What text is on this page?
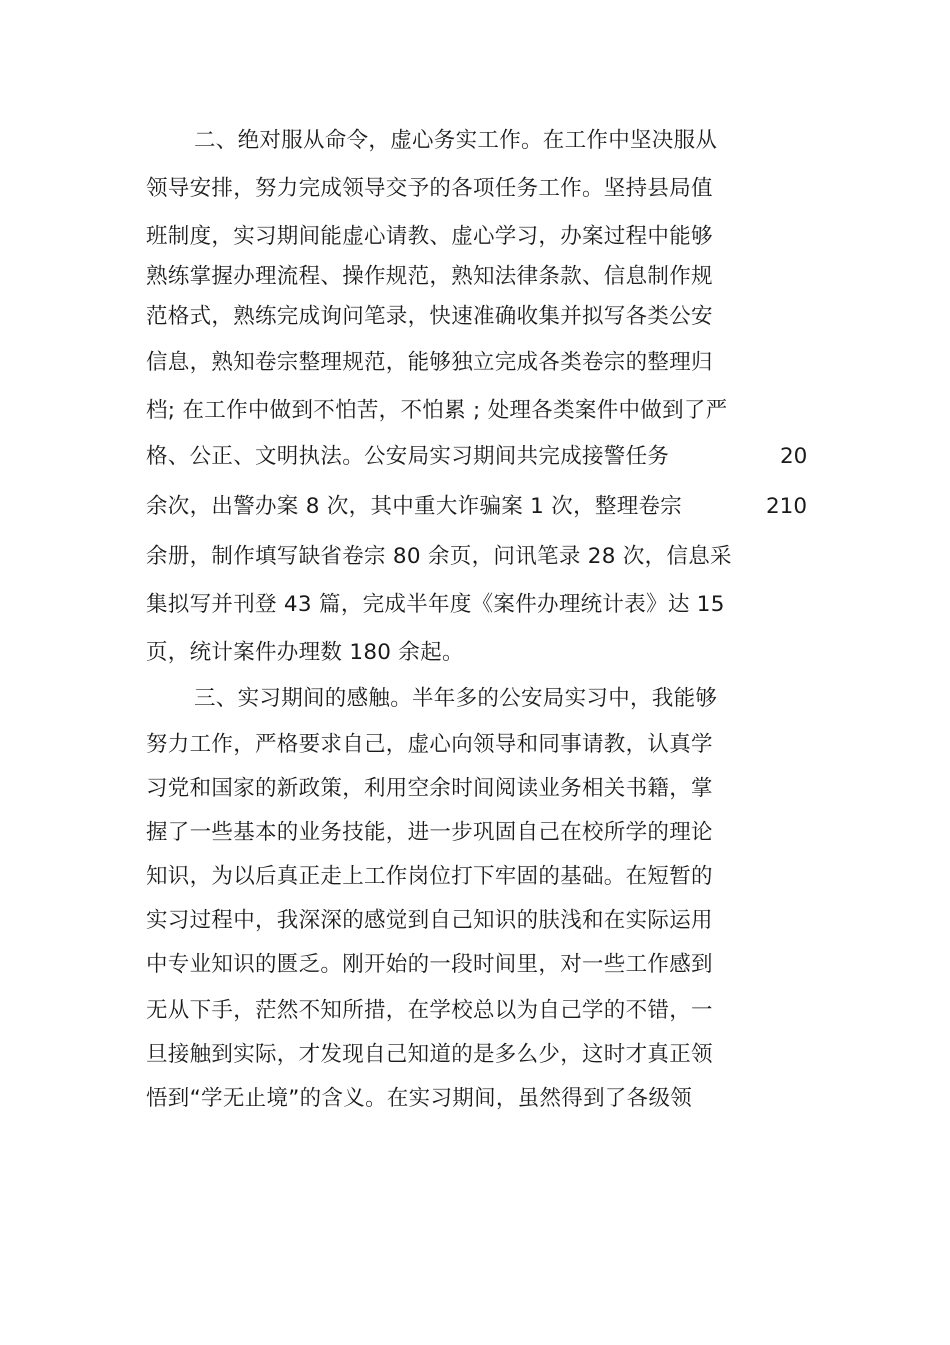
二、绝对服从命令，虚心务实工作。在工作中坚决服从
领导安排，努力完成领导交予的各项任务工作。坚持县局值
班制度，实习期间能虚心请教、虚心学习，办案过程中能够
熟练掌握办理流程、操作规范，熟知法律条款、信息制作规
范格式，熟练完成询问笔录，快速准确收集并拟写各类公安
信息，熟知卷宗整理规范，能够独立完成各类卷宗的整理归
档; 在工作中做到不怕苦，不怕累 ; 处理各类案件中做到了严
格、公正、文明执法。公安局实习期间共完成接警任务	20
余次，出警办案 8 次，其中重大诈骗案 1 次，整理卷宗	210
余册，制作填写缺省卷宗 80 余页，问讯笔录 28 次，信息采
集拟写并刊登 43 篇，完成半年度《案件办理统计表》达 15
页，统计案件办理数 180 余起。
三、实习期间的感触。半年多的公安局实习中，我能够
努力工作，严格要求自己，虚心向领导和同事请教，认真学
习党和国家的新政策，利用空余时间阅读业务相关书籍，掌
握了一些基本的业务技能，进一步巩固自己在校所学的理论
知识，为以后真正走上工作岗位打下牢固的基础。在短暂的
实习过程中，我深深的感觉到自己知识的肤浅和在实际运用
中专业知识的匮乏。刚开始的一段时间里，对一些工作感到
无从下手，茫然不知所措，在学校总以为自己学的不错，一
旦接触到实际，才发现自己知道的是多么少，这时才真正领
悟到“学无止境”的含义。在实习期间，虽然得到了各级领
